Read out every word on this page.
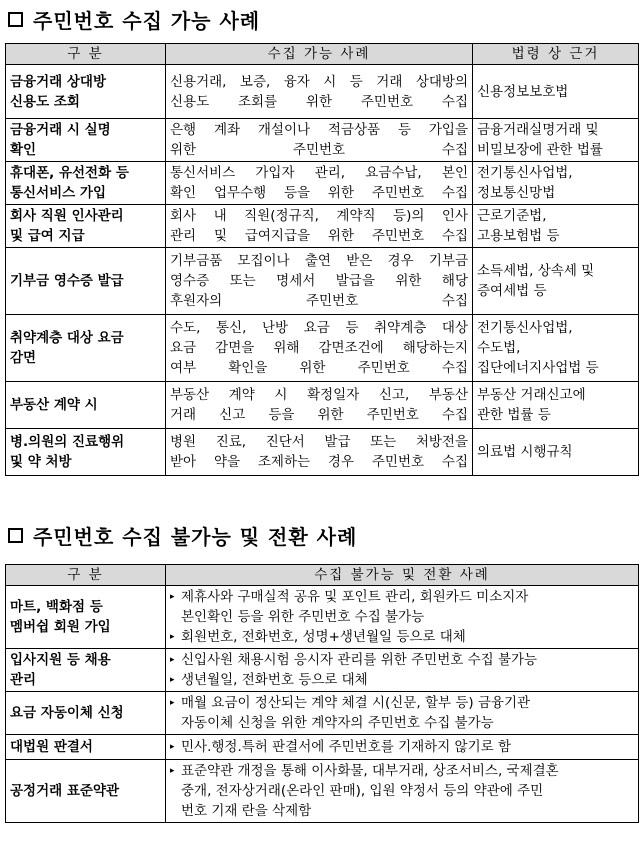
주민번호 수집 가능 사례
구 분	수집 가능 사례	법령 상 근거

금융거래 상대방
신용도 조회	신용거래, 보증, 융자 시 등 거래 상대방의
신용도 조회를 위한 주민번호 수집	신용정보보호법

금융거래 시 실명
확인	은행 계좌 개설이나 적금상품 등 가입을
위한 주민번호 수집	금융거래실명거래 및
비밀보장에 관한 법률

휴대폰, 유선전화 등
통신서비스 가입	통신서비스 가입자 관리, 요금수납, 본인
확인 업무수행 등을 위한 주민번호 수집	전기통신사업법,
정보통신망법

회사 직원 인사관리
및 급여 지급	회사 내 직원(정규직, 계약직 등)의 인사
관리 및 급여지급을 위한 주민번호 수집	근로기준법,
고용보험법 등

기부금 영수증 발급	기부금품 모집이나 출연 받은 경우 기부금
영수증 또는 명세서 발급을 위한 해당
후원자의 주민번호 수집	소득세법, 상속세 및
증여세법 등

취약계층 대상 요금
감면	수도, 통신, 난방 요금 등 취약계층 대상
요금 감면을 위해 감면조건에 해당하는지
여부 확인을 위한 주민번호 수집	전기통신사업법,
수도법,
집단에너지사업법 등

부동산 계약 시	부동산 계약 시 확정일자 신고, 부동산
거래 신고 등을 위한 주민번호 수집	부동산 거래신고에
관한 법률 등

병.의원의 진료행위
및 약 처방	병원 진료, 진단서 발급 또는 처방전을
받아 약을 조제하는 경우 주민번호 수집	의료법 시행규칙
주민번호 수집 불가능 및 전환 사례
구 분	수집 불가능 및 전환 사례

마트, 백화점 등
멤버쉽 회원 가입	▸ 제휴사와 구매실적 공유 및 포인트 관리, 회원카드 미소지자
본인확인 등을 위한 주민번호 수집 불가능
▸ 회원번호, 전화번호, 성명+생년월일 등으로 대체

입사지원 등 채용
관리	▸ 신입사원 채용시험 응시자 관리를 위한 주민번호 수집 불가능
▸ 생년월일, 전화번호 등으로 대체

요금 자동이체 신청	▸ 매월 요금이 정산되는 계약 체결 시(신문, 할부 등) 금융기관
자동이체 신청을 위한 계약자의 주민번호 수집 불가능

대법원 판결서	▸ 민사.행정.특허 판결서에 주민번호를 기재하지 않기로 함

공정거래 표준약관	▸ 표준약관 개정을 통해 이사화물, 대부거래, 상조서비스, 국제결혼
중개, 전자상거래(온라인 판매), 입원 약정서 등의 약관에 주민
번호 기재 란을 삭제함
